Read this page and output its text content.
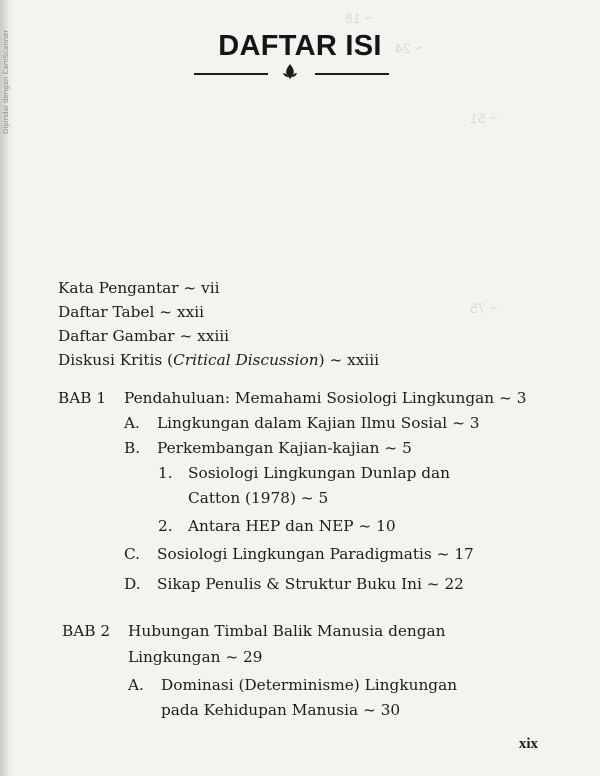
Dipindai dengan CamScanner
~ 18
~ 24
~ 51
~ 75
DAFTAR ISI
Kata Pengantar ~ vii
Daftar Tabel ~ xxii
Daftar Gambar ~ xxiii
Diskusi Kritis (Critical Discussion) ~ xxiii
BAB 1 Pendahuluan: Memahami Sosiologi Lingkungan ~ 3
A. Lingkungan dalam Kajian Ilmu Sosial ~ 3
B. Perkembangan Kajian-kajian ~ 5
1. Sosiologi Lingkungan Dunlap dan
Catton (1978) ~ 5
2. Antara HEP dan NEP ~ 10
C. Sosiologi Lingkungan Paradigmatis ~ 17
D. Sikap Penulis & Struktur Buku Ini ~ 22
BAB 2 Hubungan Timbal Balik Manusia dengan
Lingkungan ~ 29
A. Dominasi (Determinisme) Lingkungan
pada Kehidupan Manusia ~ 30
xix
